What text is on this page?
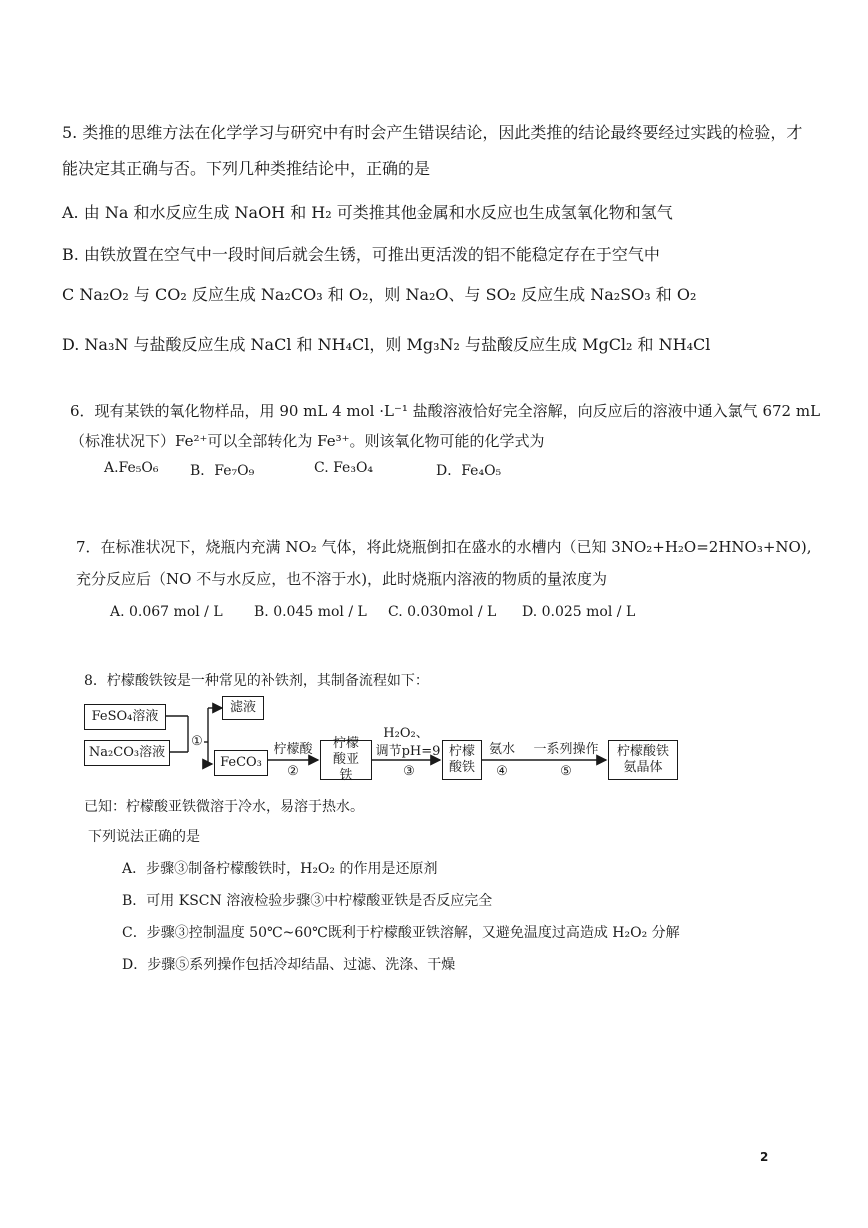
5. 类推的思维方法在化学学习与研究中有时会产生错误结论，因此类推的结论最终要经过实践的检验，才
能决定其正确与否。下列几种类推结论中，正确的是
A. 由 Na 和水反应生成 NaOH 和 H₂ 可类推其他金属和水反应也生成氢氧化物和氢气
B. 由铁放置在空气中一段时间后就会生锈，可推出更活泼的铝不能稳定存在于空气中
C Na₂O₂ 与 CO₂ 反应生成 Na₂CO₃ 和 O₂，则 Na₂O、与 SO₂ 反应生成 Na₂SO₃ 和 O₂
D. Na₃N 与盐酸反应生成 NaCl 和 NH₄Cl，则 Mg₃N₂ 与盐酸反应生成 MgCl₂ 和 NH₄Cl
6．现有某铁的氧化物样品，用 90 mL 4 mol ·L⁻¹ 盐酸溶液恰好完全溶解，向反应后的溶液中通入氯气 672 mL
（标准状况下）Fe²⁺可以全部转化为 Fe³⁺。则该氧化物可能的化学式为
A.Fe₅O₆ B．Fe₇O₉	C. Fe₃O₄	D．Fe₄O₅
7．在标准状况下，烧瓶内充满 NO₂ 气体，将此烧瓶倒扣在盛水的水槽内（已知 3NO₂+H₂O=2HNO₃+NO),
充分反应后（NO 不与水反应，也不溶于水)，此时烧瓶内溶液的物质的量浓度为
A. 0.067 mol / L B. 0.045 mol / L C. 0.030mol / L D. 0.025 mol / L
8．柠檬酸铁铵是一种常见的补铁剂，其制备流程如下：
FeSO₄溶液
Na₂CO₃溶液
①
滤液
FeCO₃
柠檬酸
②
柠檬酸亚铁
H₂O₂、
调节pH=9
③
柠檬酸铁
氨水
④
一系列操作
⑤
柠檬酸铁氨晶体
已知：柠檬酸亚铁微溶于冷水，易溶于热水。
下列说法正确的是
A．步骤③制备柠檬酸铁时，H₂O₂ 的作用是还原剂
B．可用 KSCN 溶液检验步骤③中柠檬酸亚铁是否反应完全
C．步骤③控制温度 50℃~60℃既利于柠檬酸亚铁溶解，又避免温度过高造成 H₂O₂ 分解
D．步骤⑤系列操作包括冷却结晶、过滤、洗涤、干燥
2
